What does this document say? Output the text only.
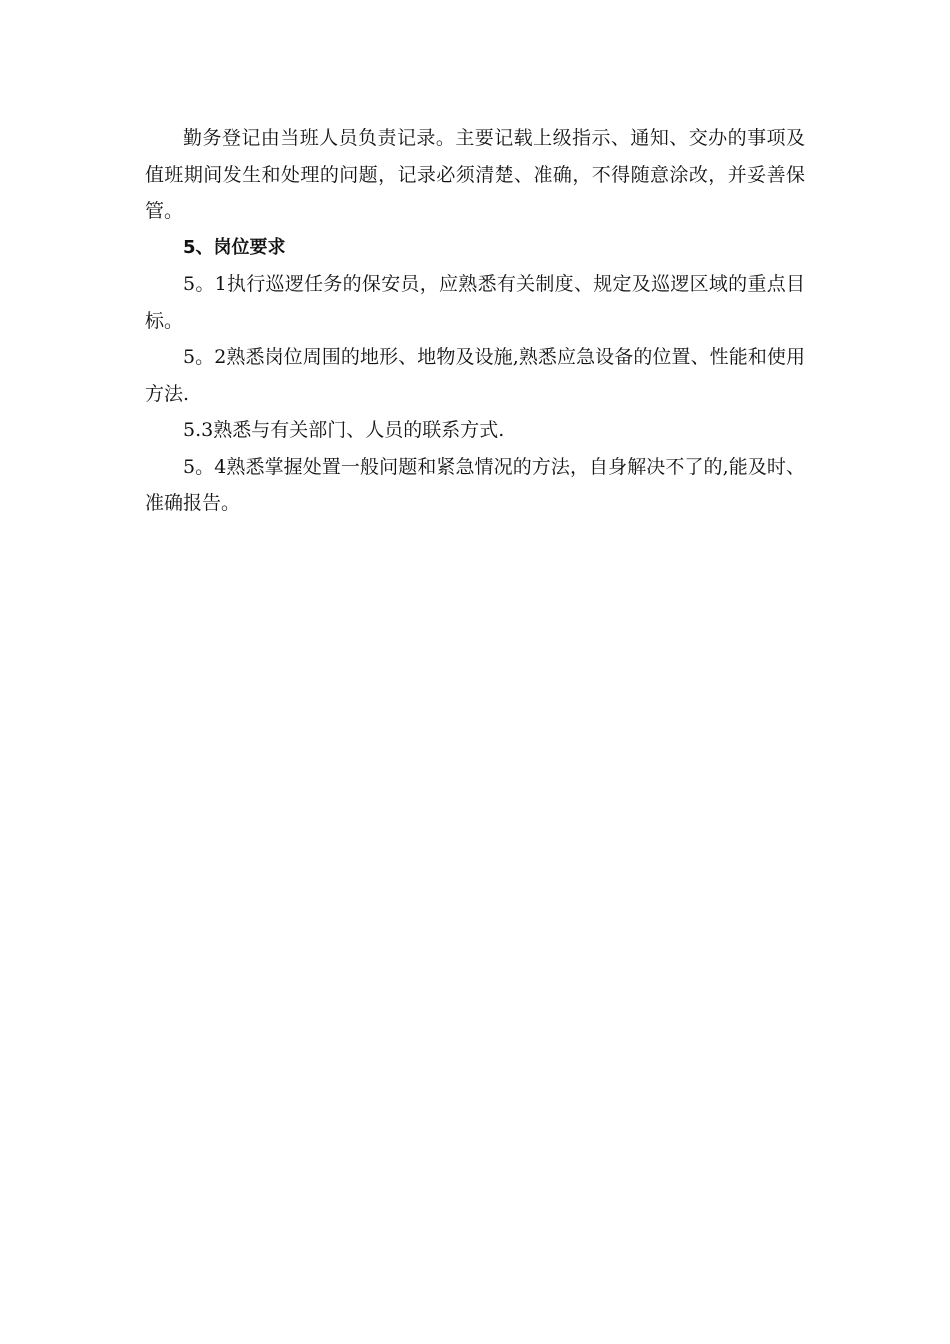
勤务登记由当班人员负责记录。主要记载上级指示、通知、交办的事项及值班期间发生和处理的问题，记录必须清楚、准确，不得随意涂改，并妥善保管。

5、岗位要求

5。1执行巡逻任务的保安员，应熟悉有关制度、规定及巡逻区域的重点目标。

5。2熟悉岗位周围的地形、地物及设施,熟悉应急设备的位置、性能和使用方法.

5.3熟悉与有关部门、人员的联系方式.

5。4熟悉掌握处置一般问题和紧急情况的方法，自身解决不了的,能及时、准确报告。
